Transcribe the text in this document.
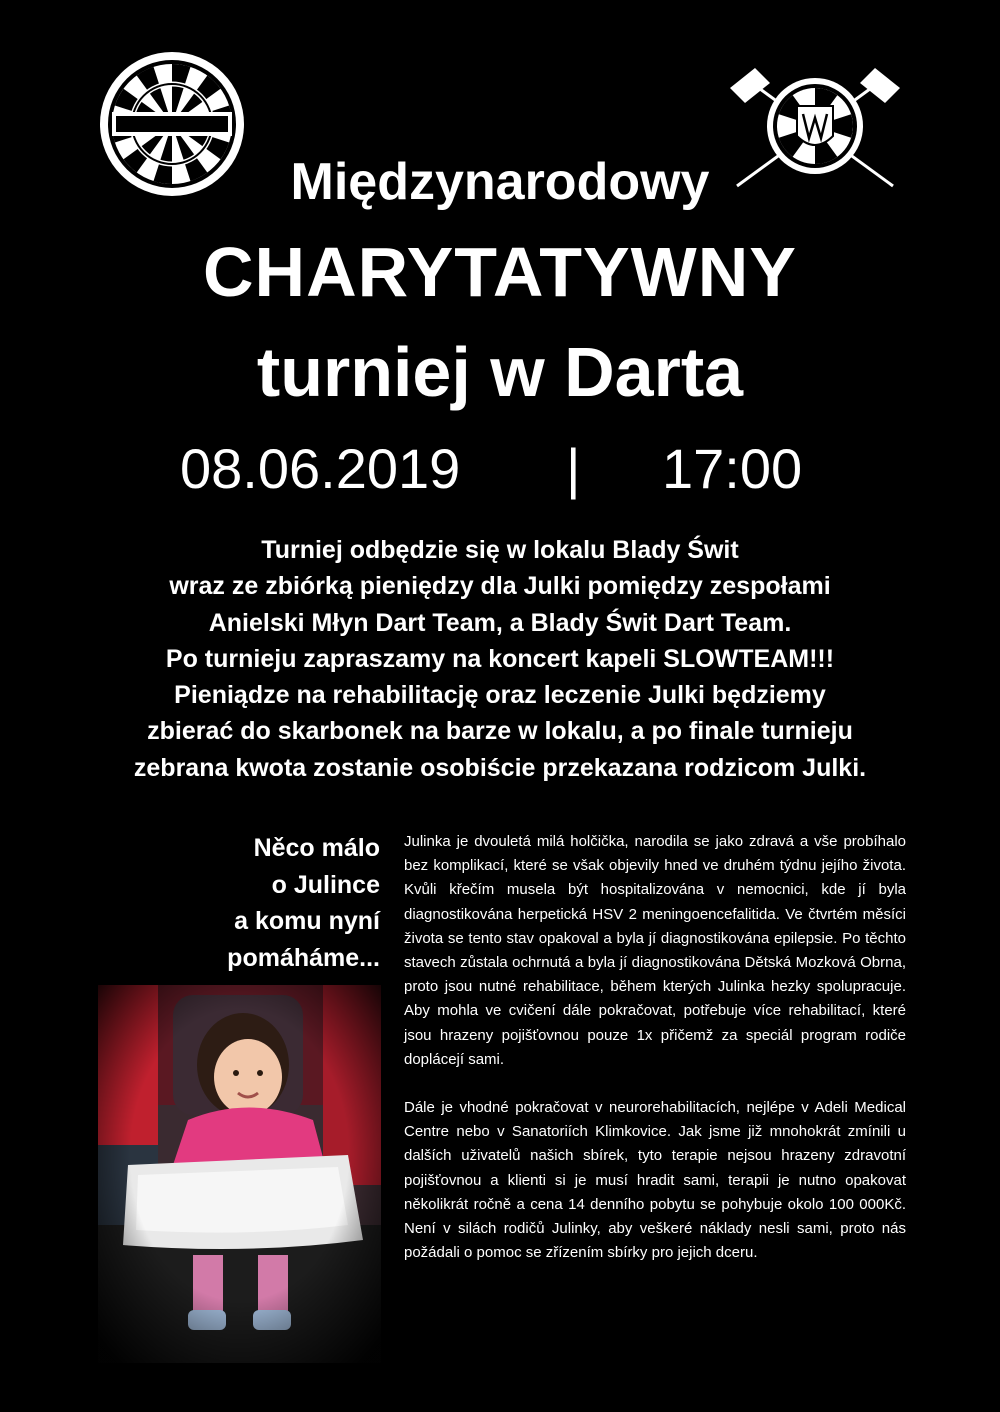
Międzynarodowy
CHARYTATYWNY
turniej w Darta
08.06.2019 | 17:00
Turniej odbędzie się w lokalu Blady Świt
wraz ze zbiórką pieniędzy dla Julki pomiędzy zespołami
Anielski Młyn Dart Team, a Blady Świt Dart Team.
Po turnieju zapraszamy na koncert kapeli SLOWTEAM!!!
Pieniądze na rehabilitację oraz leczenie Julki będziemy
zbierać do skarbonek na barze w lokalu, a po finale turnieju
zebrana kwota zostanie osobiście przekazana rodzicom Julki.
Něco málo
o Julince
a komu nyní
pomáháme...

Julinka je dvouletá milá holčička, narodila se jako zdravá a vše probíhalo bez komplikací, které se však objevily hned ve druhém týdnu jejího života. Kvůli křečím musela být hospitalizována v nemocnici, kde jí byla diagnostikována herpetická HSV 2 meningoencefalitida. Ve čtvrtém měsíci života se tento stav opakoval a byla jí diagnostikována epilepsie. Po těchto stavech zůstala ochrnutá a byla jí diagnostikována Dětská Mozková Obrna, proto jsou nutné rehabilitace, během kterých Julinka hezky spolupracuje. Aby mohla ve cvičení dále pokračovat, potřebuje více rehabilitací, které jsou hrazeny pojišťovnou pouze 1x přičemž za speciál program rodiče doplácejí sami.

Dále je vhodné pokračovat v neurorehabilitacích, nejlépe v Adeli Medical Centre nebo v Sanatoriích Klimkovice. Jak jsme již mnohokrát zmínili u dalších uživatelů našich sbírek, tyto terapie nejsou hrazeny zdravotní pojišťovnou a klienti si je musí hradit sami, terapii je nutno opakovat několikrát ročně a cena 14 denního pobytu se pohybuje okolo 100 000Kč. Není v silách rodičů Julinky, aby veškeré náklady nesli sami, proto nás požádali o pomoc se zřízením sbírky pro jejich dceru.
